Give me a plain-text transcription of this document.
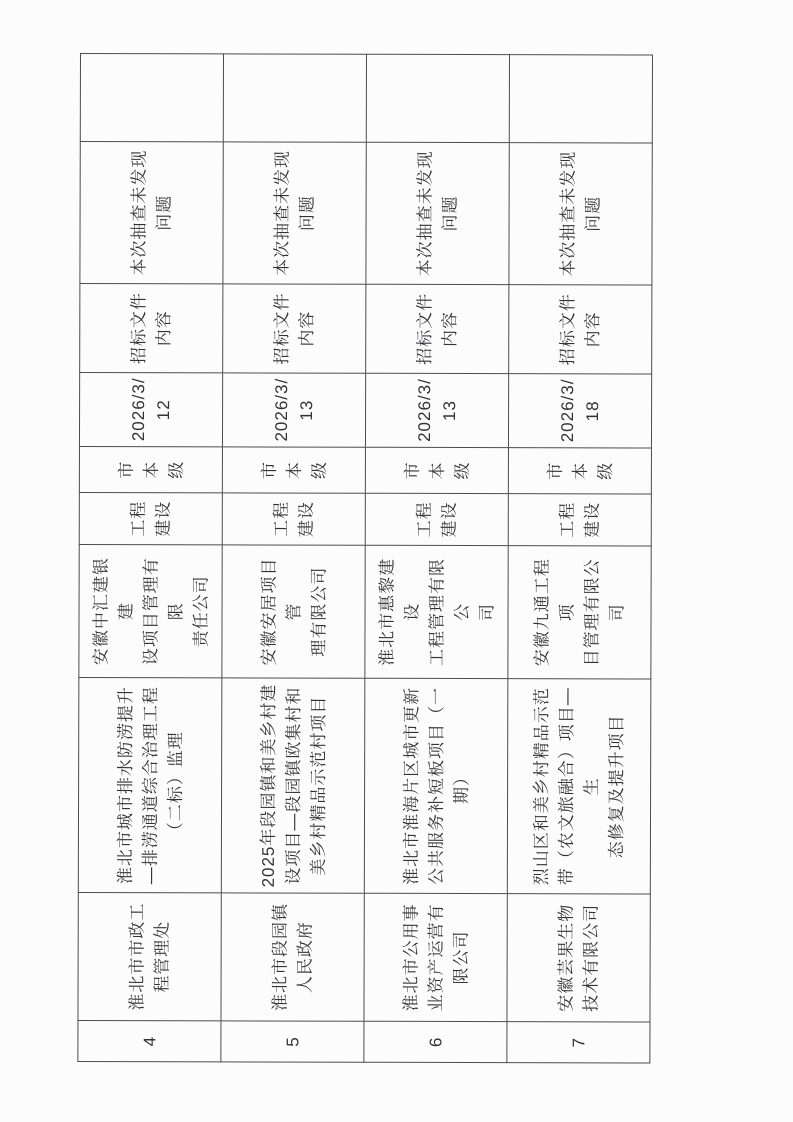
4	淮北市市政工
程管理处	淮北市城市排水防涝提升
—排涝通道综合治理工程
（二标）监理	安徽中汇建银建
设项目管理有限
责任公司	工程
建设	市本
级	2026/3/
12	招标文件
内容	本次抽查未发现
问题	
5	淮北市段园镇
人民政府	2025年段园镇和美乡村建
设项目—段园镇欧集村和
美乡村精品示范村项目	安徽安居项目管
理有限公司	工程
建设	市本
级	2026/3/
13	招标文件
内容	本次抽查未发现
问题	
6	淮北市公用事
业资产运营有
限公司	淮北市淮海片区城市更新
公共服务补短板项目（一
期）	淮北市惠黎建设
工程管理有限公
司	工程
建设	市本
级	2026/3/
13	招标文件
内容	本次抽查未发现
问题	
7	安徽芸果生物
技术有限公司	烈山区和美乡村精品示范
带（农文旅融合）项目—生
态修复及提升项目	安徽九通工程项
目管理有限公司	工程
建设	市本
级	2026/3/
18	招标文件
内容	本次抽查未发现
问题	
